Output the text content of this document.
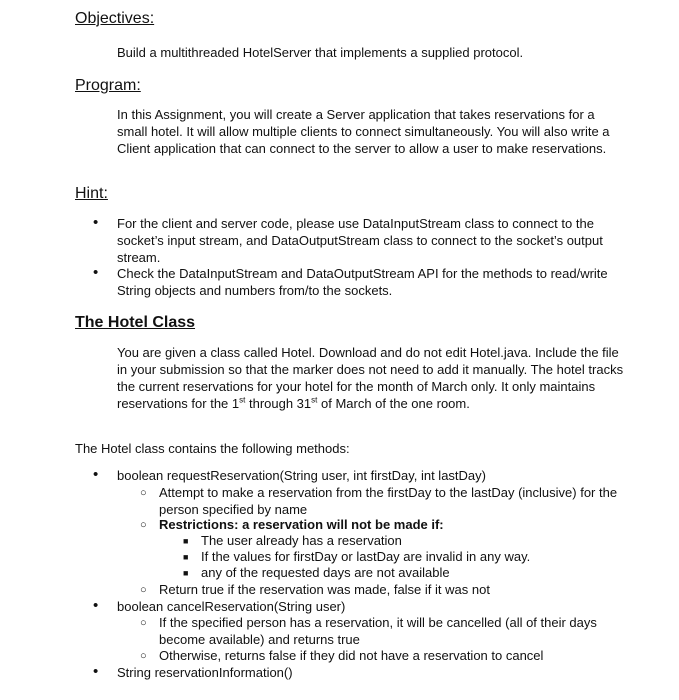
Objectives:
Build a multithreaded HotelServer that implements a supplied protocol.
Program:
In this Assignment, you will create a Server application that takes reservations for a small hotel. It will allow multiple clients to connect simultaneously. You will also write a Client application that can connect to the server to allow a user to make reservations.
Hint:
• For the client and server code, please use DataInputStream class to connect to the socket’s input stream, and DataOutputStream class to connect to the socket’s output stream.
• Check the DataInputStream and DataOutputStream API for the methods to read/write String objects and numbers from/to the sockets.
The Hotel Class
You are given a class called Hotel. Download and do not edit Hotel.java. Include the file in your submission so that the marker does not need to add it manually. The hotel tracks the current reservations for your hotel for the month of March only. It only maintains reservations for the 1st through 31st of March of the one room.
The Hotel class contains the following methods:
• boolean requestReservation(String user, int firstDay, int lastDay)
○ Attempt to make a reservation from the firstDay to the lastDay (inclusive) for the person specified by name
○ Restrictions: a reservation will not be made if:
■ The user already has a reservation
■ If the values for firstDay or lastDay are invalid in any way.
■ any of the requested days are not available
○ Return true if the reservation was made, false if it was not
• boolean cancelReservation(String user)
○ If the specified person has a reservation, it will be cancelled (all of their days become available) and returns true
○ Otherwise, returns false if they did not have a reservation to cancel
• String reservationInformation()
